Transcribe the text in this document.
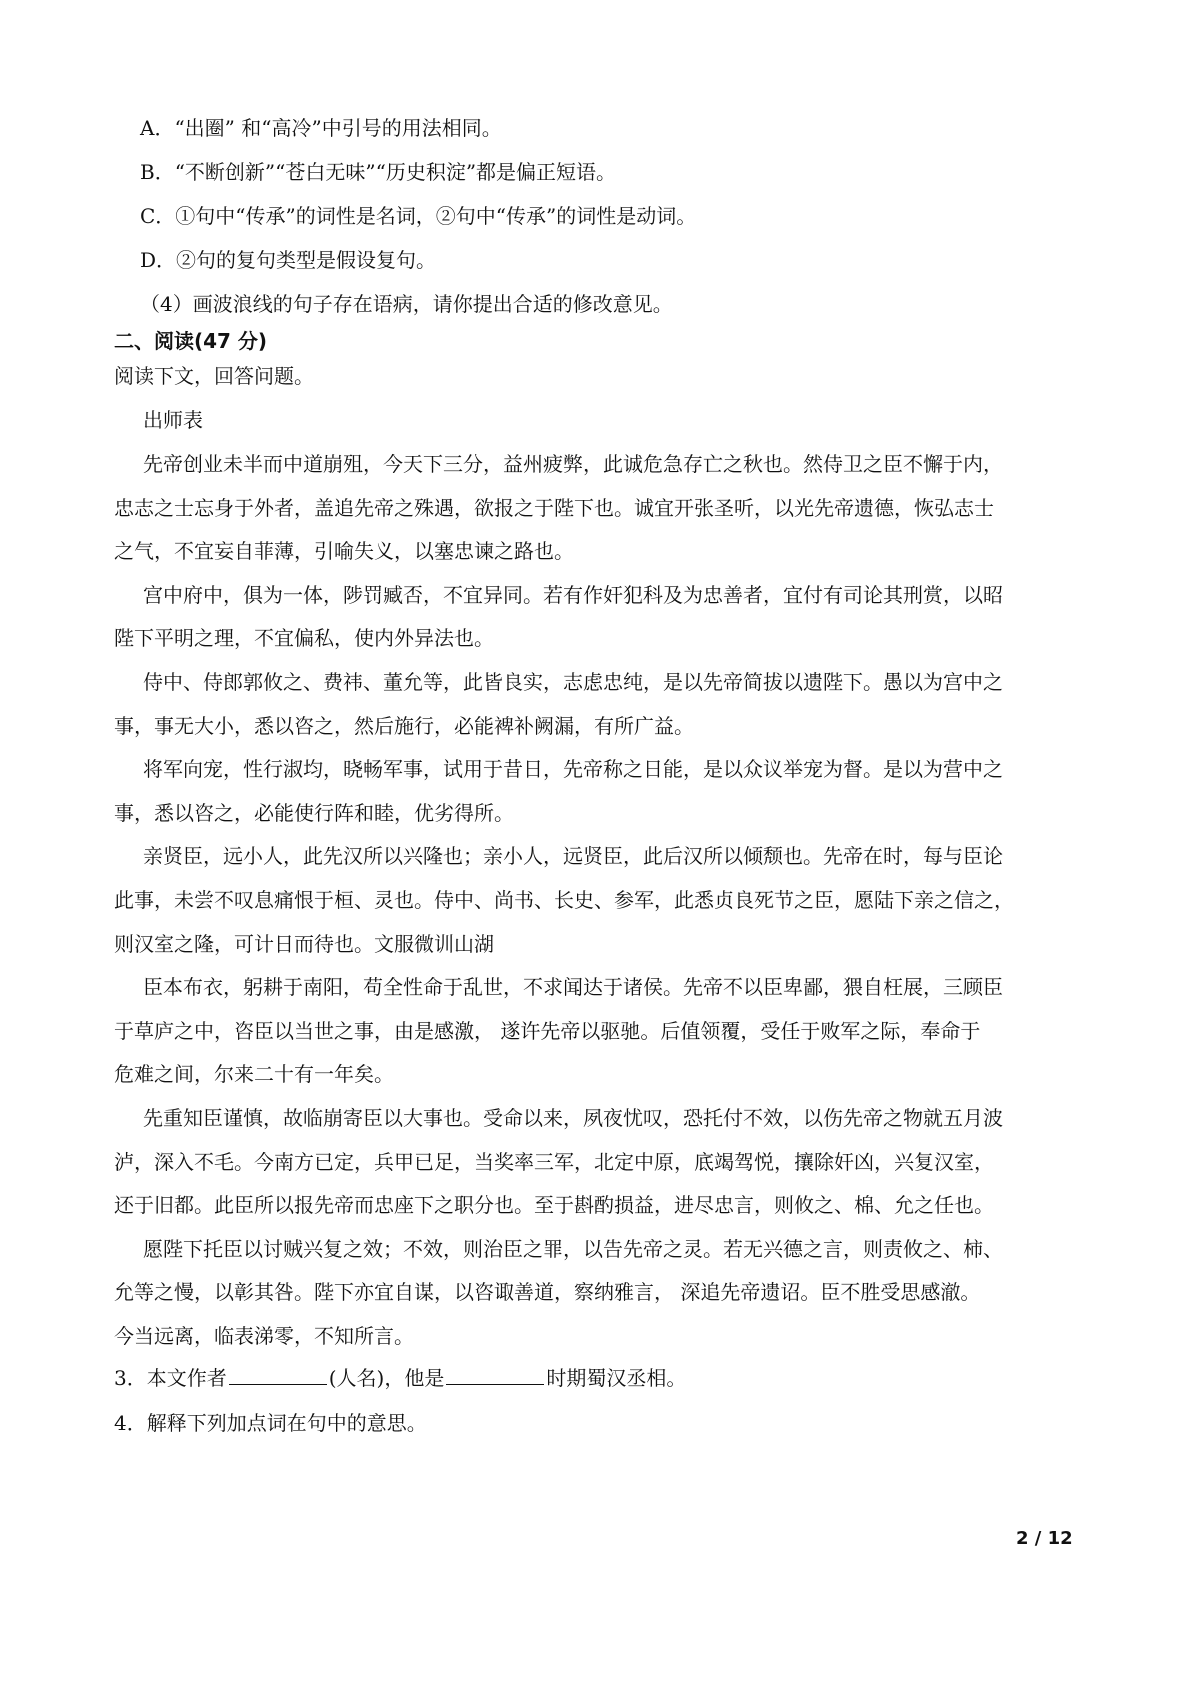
A．“出圈” 和“高冷”中引号的用法相同。
B．“不断创新”“苍白无味”“历史积淀”都是偏正短语。
C．①句中“传承”的词性是名词，②句中“传承”的词性是动词。
D．②句的复句类型是假设复句。
（4）画波浪线的句子存在语病，请你提出合适的修改意见。
二、阅读(47 分)
阅读下文，回答问题。
出师表
先帝创业未半而中道崩殂，今天下三分，益州疲弊，此诚危急存亡之秋也。然侍卫之臣不懈于内，
忠志之士忘身于外者，盖追先帝之殊遇，欲报之于陛下也。诚宜开张圣听，以光先帝遗德，恢弘志士
之气，不宜妄自菲薄，引喻失义，以塞忠谏之路也。
宫中府中，俱为一体，陟罚臧否，不宜异同。若有作奸犯科及为忠善者，宜付有司论其刑赏，以昭
陛下平明之理，不宜偏私，使内外异法也。
侍中、侍郎郭攸之、费祎、董允等，此皆良实，志虑忠纯，是以先帝简拔以遗陛下。愚以为宫中之
事，事无大小，悉以咨之，然后施行，必能裨补阙漏，有所广益。
将军向宠，性行淑均，晓畅军事，试用于昔日，先帝称之日能，是以众议举宠为督。是以为营中之
事，悉以咨之，必能使行阵和睦，优劣得所。
亲贤臣，远小人，此先汉所以兴隆也；亲小人，远贤臣，此后汉所以倾颓也。先帝在时，每与臣论
此事，未尝不叹息痛恨于桓、灵也。侍中、尚书、长史、参军，此悉贞良死节之臣，愿陆下亲之信之，
则汉室之隆，可计日而待也。文服微训山湖
臣本布衣，躬耕于南阳，苟全性命于乱世，不求闻达于诸侯。先帝不以臣卑鄙，猥自枉展，三顾臣
于草庐之中，咨臣以当世之事，由是感激， 遂许先帝以驱驰。后值领覆，受任于败军之际，奉命于
危难之间，尔来二十有一年矣。
先重知臣谨慎，故临崩寄臣以大事也。受命以来，夙夜忧叹，恐托付不效，以伤先帝之物就五月波
泸，深入不毛。今南方已定，兵甲已足，当奖率三军，北定中原，底竭驾悦，攘除奸凶，兴复汉室，
还于旧都。此臣所以报先帝而忠座下之职分也。至于斟酌损益，进尽忠言，则攸之、棉、允之任也。
愿陛下托臣以讨贼兴复之效；不效，则治臣之罪，以告先帝之灵。若无兴德之言，则责攸之、柿、
允等之慢，以彰其咎。陛下亦宜自谋，以咨诹善道，察纳雅言， 深追先帝遗诏。臣不胜受思感澈。
今当远离，临表涕零，不知所言。
3．本文作者	(人名)，他是	时期蜀汉丞相。
4．解释下列加点词在句中的意思。
2 / 12
